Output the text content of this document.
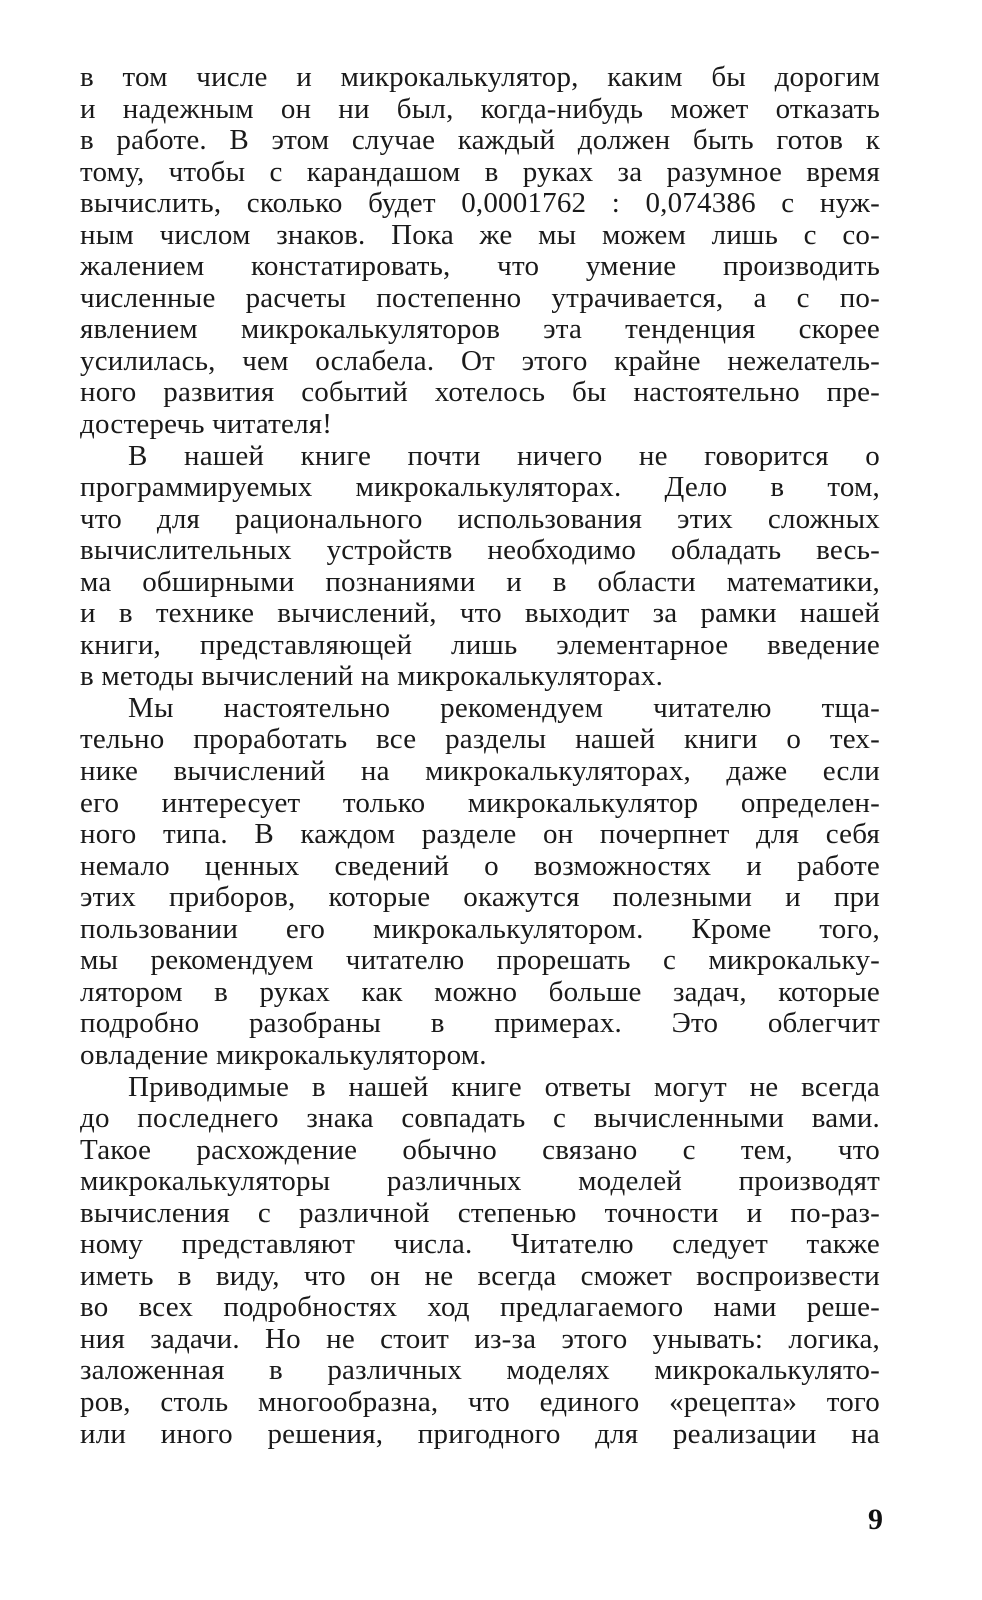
в том числе и микрокалькулятор, каким бы дорогим
и надежным он ни был, когда-нибудь может отказать
в работе. В этом случае каждый должен быть готов к
тому, чтобы с карандашом в руках за разумное время
вычислить, сколько будет 0,0001762 : 0,074386 с нуж-
ным числом знаков. Пока же мы можем лишь с со-
жалением констатировать, что умение производить
численные расчеты постепенно утрачивается, а с по-
явлением микрокалькуляторов эта тенденция скорее
усилилась, чем ослабела. От этого крайне нежелатель-
ного развития событий хотелось бы настоятельно пре-
достеречь читателя!
В нашей книге почти ничего не говорится о
программируемых микрокалькуляторах. Дело в том,
что для рационального использования этих сложных
вычислительных устройств необходимо обладать весь-
ма обширными познаниями и в области математики,
и в технике вычислений, что выходит за рамки нашей
книги, представляющей лишь элементарное введение
в методы вычислений на микрокалькуляторах.
Мы настоятельно рекомендуем читателю тща-
тельно проработать все разделы нашей книги о тех-
нике вычислений на микрокалькуляторах, даже если
его интересует только микрокалькулятор определен-
ного типа. В каждом разделе он почерпнет для себя
немало ценных сведений о возможностях и работе
этих приборов, которые окажутся полезными и при
пользовании его микрокалькулятором. Кроме того,
мы рекомендуем читателю прорешать с микрокальку-
лятором в руках как можно больше задач, которые
подробно разобраны в примерах. Это облегчит
овладение микрокалькулятором.
Приводимые в нашей книге ответы могут не всегда
до последнего знака совпадать с вычисленными вами.
Такое расхождение обычно связано с тем, что
микрокалькуляторы различных моделей производят
вычисления с различной степенью точности и по-раз-
ному представляют числа. Читателю следует также
иметь в виду, что он не всегда сможет воспроизвести
во всех подробностях ход предлагаемого нами реше-
ния задачи. Но не стоит из-за этого унывать: логика,
заложенная в различных моделях микрокалькулято-
ров, столь многообразна, что единого «рецепта» того
или иного решения, пригодного для реализации на
9
